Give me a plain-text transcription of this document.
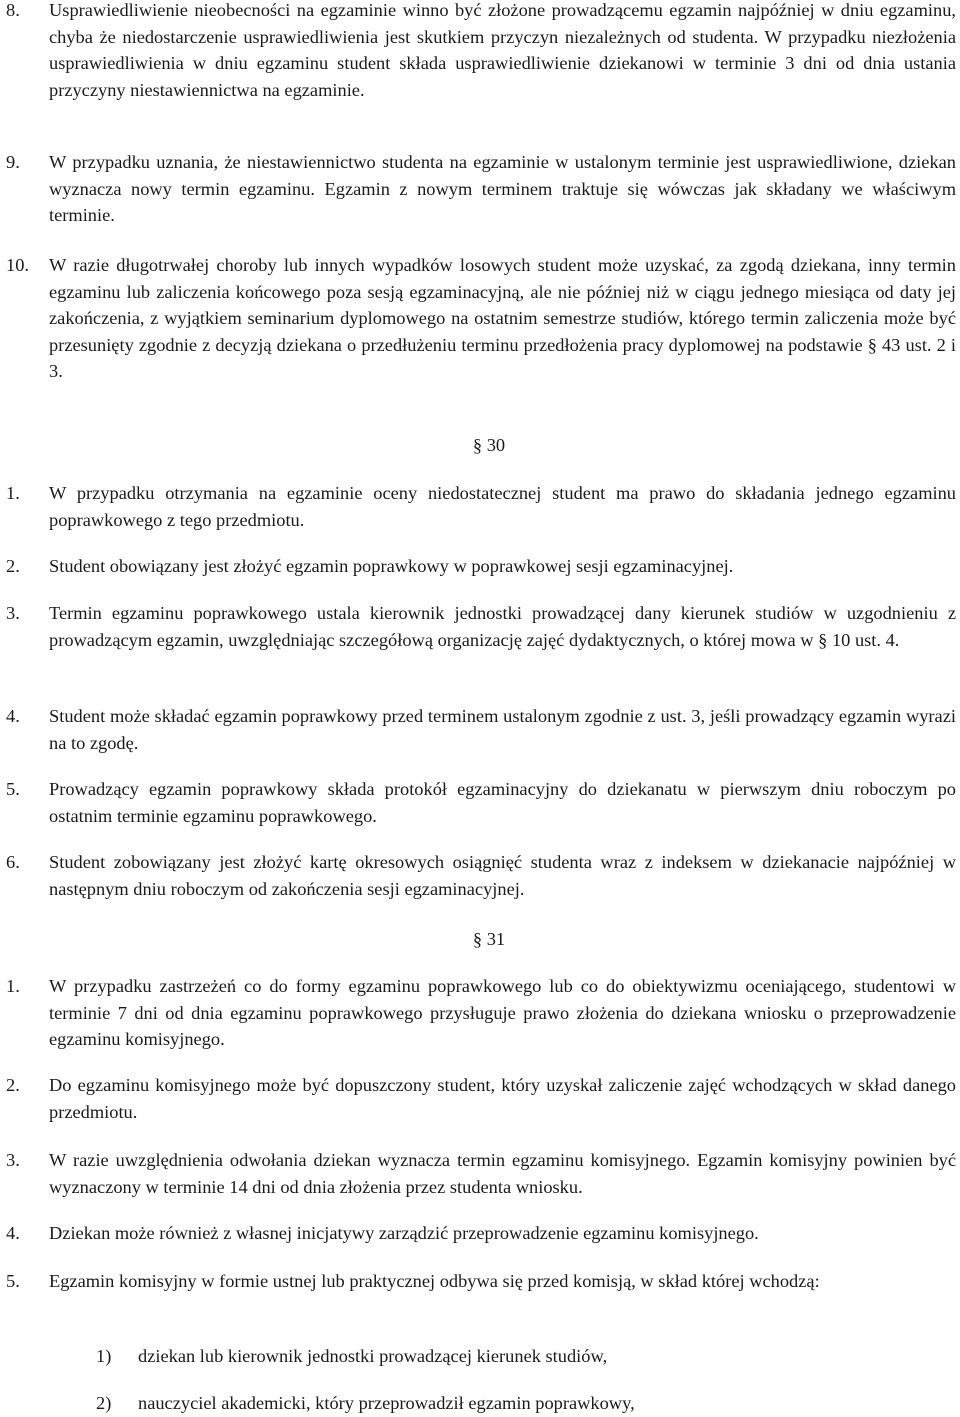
8. Usprawiedliwienie nieobecności na egzaminie winno być złożone prowadzącemu egzamin najpóźniej w dniu egzaminu, chyba że niedostarczenie usprawiedliwienia jest skutkiem przyczyn niezależnych od studenta. W przypadku niezłożenia usprawiedliwienia w dniu egzaminu student składa usprawiedliwienie dziekanowi w terminie 3 dni od dnia ustania przyczyny niestawiennictwa na egzaminie.
9. W przypadku uznania, że niestawiennictwo studenta na egzaminie w ustalonym terminie jest usprawiedliwione, dziekan wyznacza nowy termin egzaminu. Egzamin z nowym terminem traktuje się wówczas jak składany we właściwym terminie.
10. W razie długotrwałej choroby lub innych wypadków losowych student może uzyskać, za zgodą dziekana, inny termin egzaminu lub zaliczenia końcowego poza sesją egzaminacyjną, ale nie później niż w ciągu jednego miesiąca od daty jej zakończenia, z wyjątkiem seminarium dyplomowego na ostatnim semestrze studiów, którego termin zaliczenia może być przesunięty zgodnie z decyzją dziekana o przedłużeniu terminu przedłożenia pracy dyplomowej na podstawie § 43 ust. 2 i 3.
§ 30
1. W przypadku otrzymania na egzaminie oceny niedostatecznej student ma prawo do składania jednego egzaminu poprawkowego z tego przedmiotu.
2. Student obowiązany jest złożyć egzamin poprawkowy w poprawkowej sesji egzaminacyjnej.
3. Termin egzaminu poprawkowego ustala kierownik jednostki prowadzącej dany kierunek studiów w uzgodnieniu z prowadzącym egzamin, uwzględniając szczegółową organizację zajęć dydaktycznych, o której mowa w § 10 ust. 4.
4. Student może składać egzamin poprawkowy przed terminem ustalonym zgodnie z ust. 3, jeśli prowadzący egzamin wyrazi na to zgodę.
5. Prowadzący egzamin poprawkowy składa protokół egzaminacyjny do dziekanatu w pierwszym dniu roboczym po ostatnim terminie egzaminu poprawkowego.
6. Student zobowiązany jest złożyć kartę okresowych osiągnięć studenta wraz z indeksem w dziekanacie najpóźniej w następnym dniu roboczym od zakończenia sesji egzaminacyjnej.
§ 31
1. W przypadku zastrzeżeń co do formy egzaminu poprawkowego lub co do obiektywizmu oceniającego, studentowi w terminie 7 dni od dnia egzaminu poprawkowego przysługuje prawo złożenia do dziekana wniosku o przeprowadzenie egzaminu komisyjnego.
2. Do egzaminu komisyjnego może być dopuszczony student, który uzyskał zaliczenie zajęć wchodzących w skład danego przedmiotu.
3. W razie uwzględnienia odwołania dziekan wyznacza termin egzaminu komisyjnego. Egzamin komisyjny powinien być wyznaczony w terminie 14 dni od dnia złożenia przez studenta wniosku.
4. Dziekan może również z własnej inicjatywy zarządzić przeprowadzenie egzaminu komisyjnego.
5. Egzamin komisyjny w formie ustnej lub praktycznej odbywa się przed komisją, w skład której wchodzą:
1) dziekan lub kierownik jednostki prowadzącej kierunek studiów,
2) nauczyciel akademicki, który przeprowadził egzamin poprawkowy,
